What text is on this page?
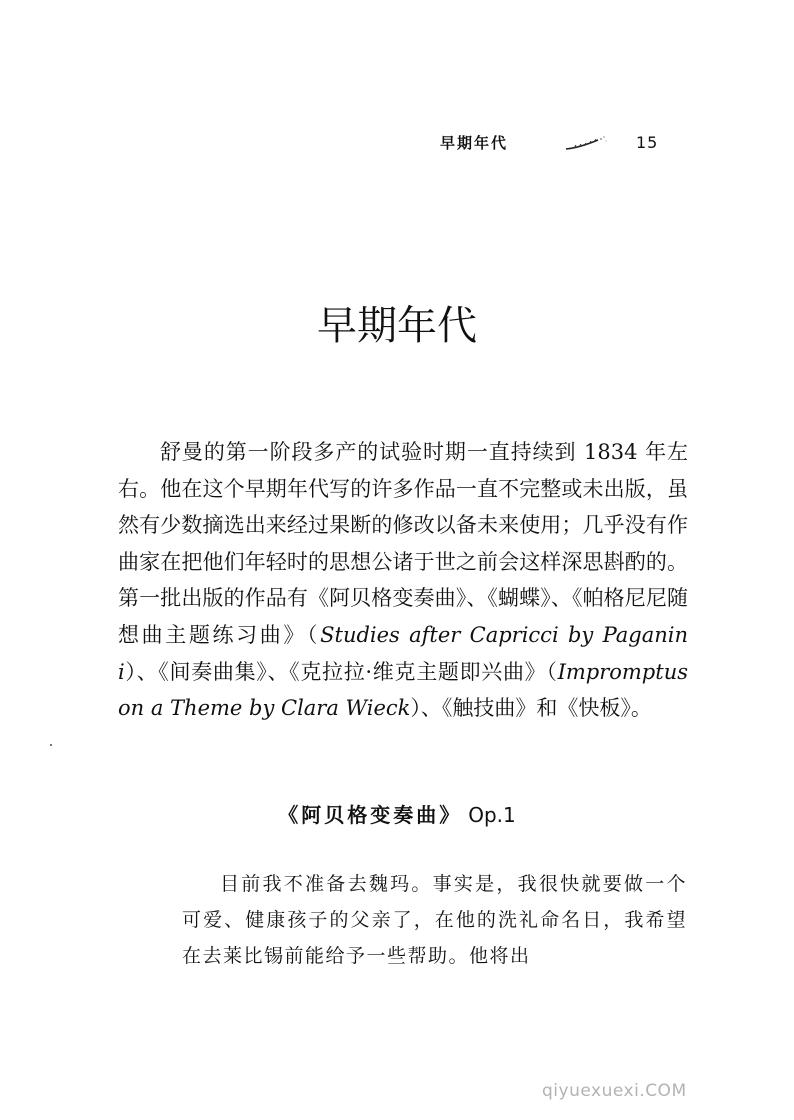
早期年代	15
早期年代

舒曼的第一阶段多产的试验时期一直持续到 1834 年左右。他在这个早期年代写的许多作品一直不完整或未出版，虽然有少数摘选出来经过果断的修改以备未来使用；几乎没有作曲家在把他们年轻时的思想公诸于世之前会这样深思斟酌的。第一批出版的作品有《阿贝格变奏曲》、《蝴蝶》、《帕格尼尼随想曲主题练习曲》（Studies after Capricci by Paganini）、《间奏曲集》、《克拉拉·维克主题即兴曲》（Impromptus on a Theme by Clara Wieck）、《触技曲》和《快板》。

《阿贝格变奏曲》 Op.1

目前我不准备去魏玛。事实是，我很快就要做一个可爱、健康孩子的父亲了，在他的洗礼命名日，我希望在去莱比锡前能给予一些帮助。他将出

qiyuexuexi.COM
